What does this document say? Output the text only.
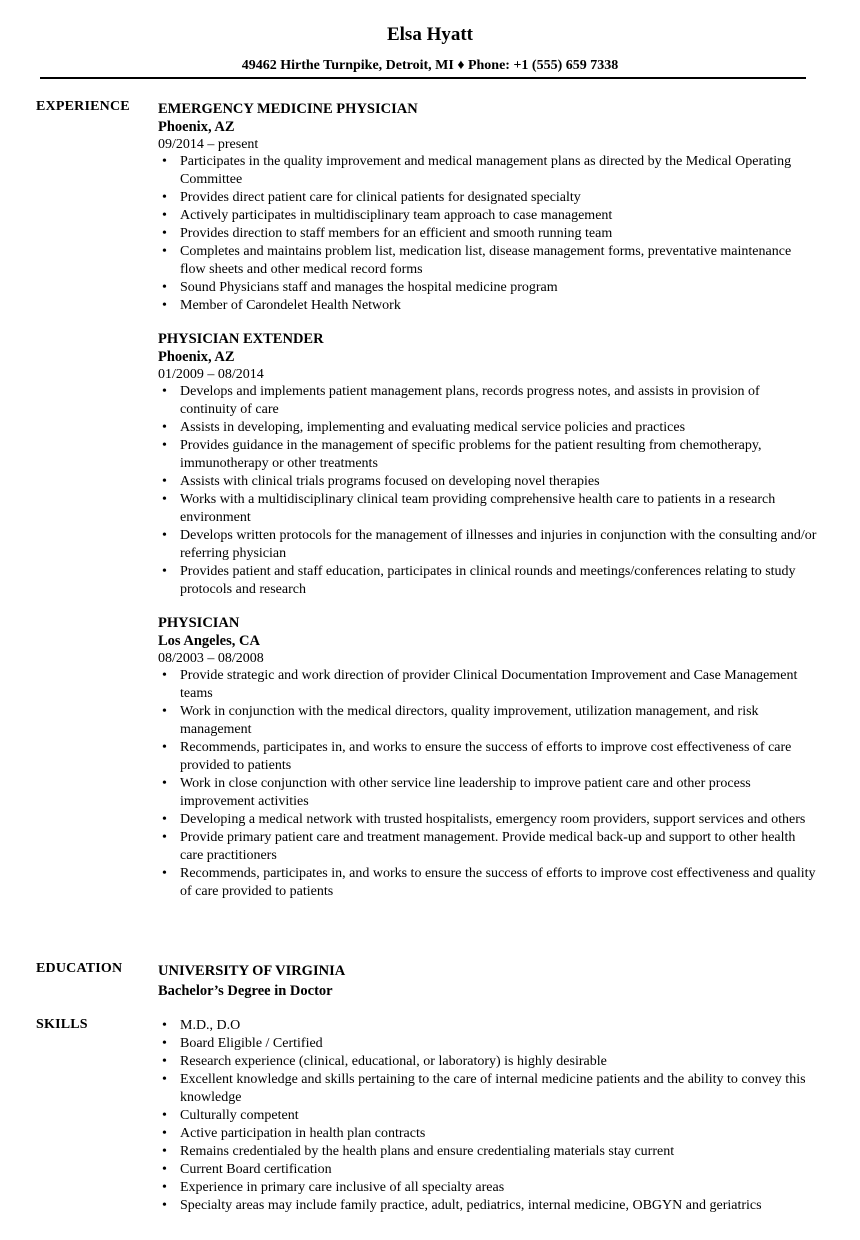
Elsa Hyatt
49462 Hirthe Turnpike, Detroit, MI ♦ Phone: +1 (555) 659 7338
EXPERIENCE EMERGENCY MEDICINE PHYSICIAN
Phoenix, AZ
09/2014 – present
• Participates in the quality improvement and medical management plans as directed by the Medical Operating Committee
• Provides direct patient care for clinical patients for designated specialty
• Actively participates in multidisciplinary team approach to case management
• Provides direction to staff members for an efficient and smooth running team
• Completes and maintains problem list, medication list, disease management forms, preventative maintenance flow sheets and other medical record forms
• Sound Physicians staff and manages the hospital medicine program
• Member of Carondelet Health Network
PHYSICIAN EXTENDER
Phoenix, AZ
01/2009 – 08/2014
• Develops and implements patient management plans, records progress notes, and assists in provision of continuity of care
• Assists in developing, implementing and evaluating medical service policies and practices
• Provides guidance in the management of specific problems for the patient resulting from chemotherapy, immunotherapy or other treatments
• Assists with clinical trials programs focused on developing novel therapies
• Works with a multidisciplinary clinical team providing comprehensive health care to patients in a research environment
• Develops written protocols for the management of illnesses and injuries in conjunction with the consulting and/or referring physician
• Provides patient and staff education, participates in clinical rounds and meetings/conferences relating to study protocols and research
PHYSICIAN
Los Angeles, CA
08/2003 – 08/2008
• Provide strategic and work direction of provider Clinical Documentation Improvement and Case Management teams
• Work in conjunction with the medical directors, quality improvement, utilization management, and risk management
• Recommends, participates in, and works to ensure the success of efforts to improve cost effectiveness of care provided to patients
• Work in close conjunction with other service line leadership to improve patient care and other process improvement activities
• Developing a medical network with trusted hospitalists, emergency room providers, support services and others
• Provide primary patient care and treatment management. Provide medical back-up and support to other health care practitioners
• Recommends, participates in, and works to ensure the success of efforts to improve cost effectiveness and quality of care provided to patients
EDUCATION UNIVERSITY OF VIRGINIA
Bachelor’s Degree in Doctor
SKILLS
•	M.D., D.O
• Board Eligible / Certified
• Research experience (clinical, educational, or laboratory) is highly desirable
• Excellent knowledge and skills pertaining to the care of internal medicine patients and the ability to convey this knowledge
• Culturally competent
• Active participation in health plan contracts
• Remains credentialed by the health plans and ensure credentialing materials stay current
• Current Board certification
• Experience in primary care inclusive of all specialty areas
• Specialty areas may include family practice, adult, pediatrics, internal medicine, OBGYN and geriatrics
